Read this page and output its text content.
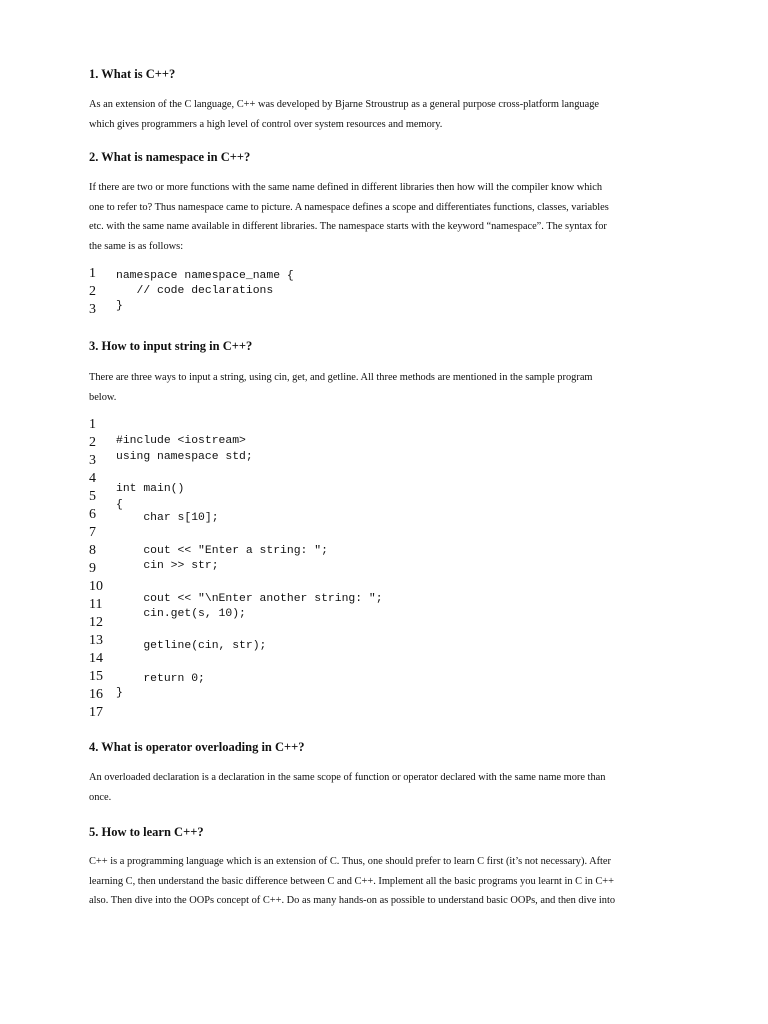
1. What is C++?
As an extension of the C language, C++ was developed by Bjarne Stroustrup as a general purpose cross-platform language
which gives programmers a high level of control over system resources and memory.
2. What is namespace in C++?
If there are two or more functions with the same name defined in different libraries then how will the compiler know which
one to refer to? Thus namespace came to picture. A namespace defines a scope and differentiates functions, classes, variables
etc. with the same name available in different libraries. The namespace starts with the keyword “namespace”. The syntax for
the same is as follows:
1
2
3
namespace namespace_name {
// code declarations
}
3. How to input string in C++?
There are three ways to input a string, using cin, get, and getline. All three methods are mentioned in the sample program
below.
1
2
3
4
5
6
7
8
9
10
11
12
13
14
15
16
17
#include <iostream>
using namespace std;
int main()
{
char s[10];
cout << "Enter a string: ";
cin >> str;
cout << "\nEnter another string: ";
cin.get(s, 10);
getline(cin, str);
return 0;
}
4. What is operator overloading in C++?
An overloaded declaration is a declaration in the same scope of function or operator declared with the same name more than
once.
5. How to learn C++?
C++ is a programming language which is an extension of C. Thus, one should prefer to learn C first (it’s not necessary). After
learning C, then understand the basic difference between C and C++. Implement all the basic programs you learnt in C in C++
also. Then dive into the OOPs concept of C++. Do as many hands-on as possible to understand basic OOPs, and then dive into
